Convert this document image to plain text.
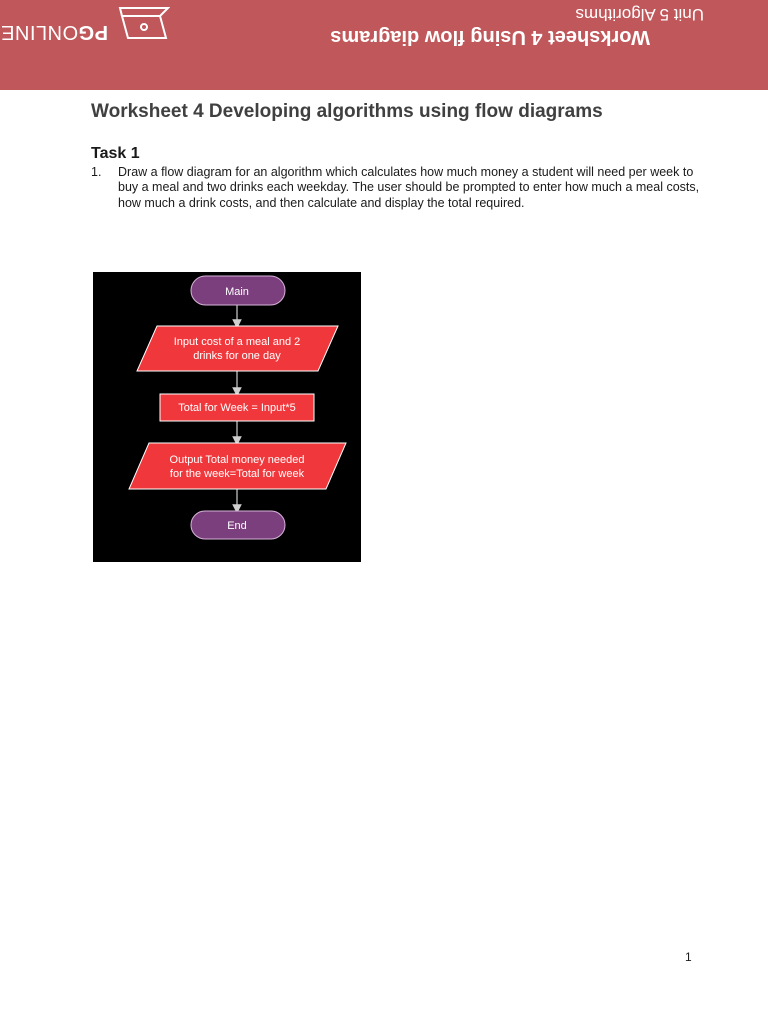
Worksheet 4 Using flow diagrams
Unit 5 Algorithms
PGONLINE
Worksheet 4 Developing algorithms using flow diagrams
Task 1
1. Draw a flow diagram for an algorithm which calculates how much money a student will need per week to buy a meal and two drinks each weekday. The user should be prompted to enter how much a meal costs, how much a drink costs, and then calculate and display the total required.
Main
Input cost of a meal and 2
drinks for one day
Total for Week = Input*5
Output Total money needed
for the week=Total for week
End
1
